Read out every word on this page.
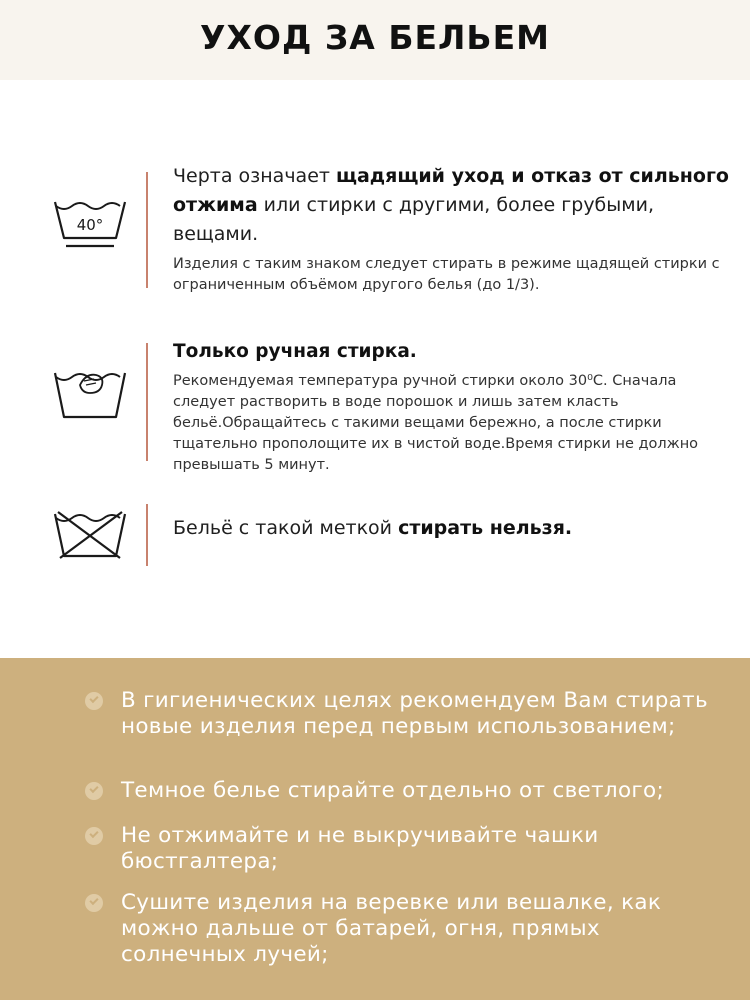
УХОД ЗА БЕЛЬЕМ
40°

Черта означает щадящий уход и отказ от сильного отжима или стирки с другими, более грубыми, вещами.

Изделия с таким знаком следует стирать в режиме щадящей стирки с ограниченным объёмом другого белья (до 1/3).

Только ручная стирка.

Рекомендуемая температура ручной стирки около 30⁰С. Сначала следует растворить в воде порошок и лишь затем класть бельё.Обращайтесь с такими вещами бережно, а после стирки тщательно прополощите их в чистой воде.Время стирки не должно превышать 5 минут.

Бельё с такой меткой стирать нельзя.

В гигиенических целях рекомендуем Вам стирать новые изделия перед первым использованием;

Темное белье стирайте отдельно от светлого;

Не отжимайте и не выкручивайте чашки бюстгалтера;

Сушите изделия на веревке или вешалке, как можно дальше от батарей, огня, прямых солнечных лучей;
